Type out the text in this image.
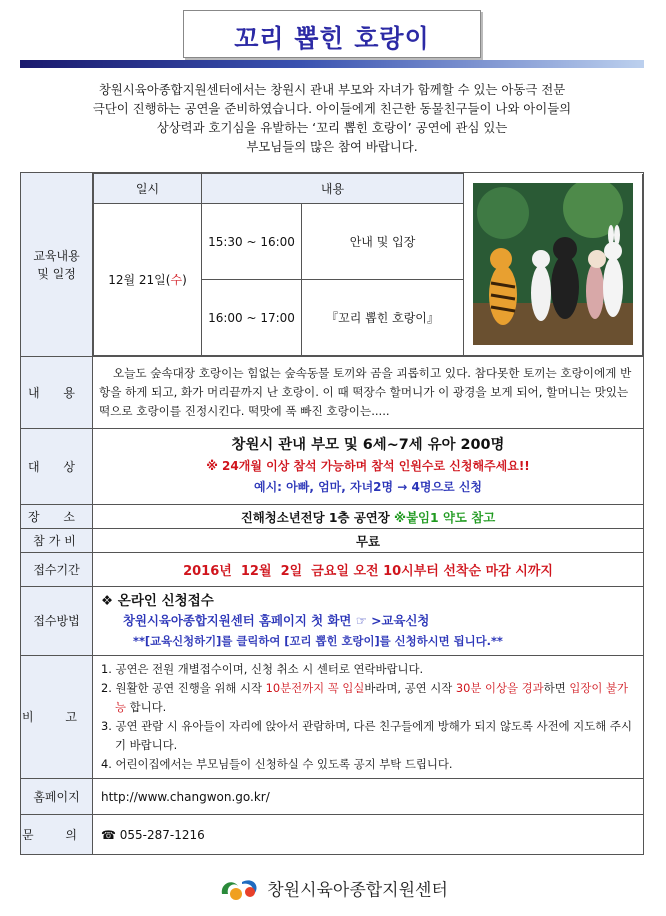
꼬리 뽑힌 호랑이
창원시육아종합지원센터에서는 창원시 관내 부모와 자녀가 함께할 수 있는 아동극 전문
극단이 진행하는 공연을 준비하였습니다. 아이들에게 친근한 동물친구들이 나와 아이들의
상상력과 호기심을 유발하는 ‘꼬리 뽑힌 호랑이’ 공연에 관심 있는
부모님들의 많은 참여 바랍니다.
교육내용
및 일정

일시	내용	

12월 21일(수)	15:30 ~ 16:00	안내 및 입장
16:00 ~ 17:00	『꼬리 뽑힌 호랑이』

내 용	오늘도 숲속대장 호랑이는 힘없는 숲속동물 토끼와 곰을 괴롭히고 있다. 참다못한 토끼는 호랑이에게 반항을 하게 되고, 화가 머리끝까지 난 호랑이. 이 때 떡장수 할머니가 이 광경을 보게 되어, 할머니는 맛있는 떡으로 호랑이를 진정시킨다. 떡맛에 푹 빠진 호랑이는.....
대 상	
창원시 관내 부모 및 6세~7세 유아 200명
※ 24개월 이상 참석 가능하며 참석 인원수로 신청해주세요!!
예시: 아빠, 엄마, 자녀2명 → 4명으로 신청

장 소	진해청소년전당 1층 공연장 ※붙임1 약도 참고
참가비	무료
접수기간	2016년  12월  2일  금요일 오전 10시부터 선착순 마감 시까지
접수방법	
❖ 온라인 신청접수
창원시육아종합지원센터 홈페이지 첫 화면 ☞ >교육신청
**[교육신청하기]를 클릭하여 [꼬리 뽑힌 호랑이]를 신청하시면 됩니다.**

비 고	
1. 공연은 전원 개별접수이며, 신청 취소 시 센터로 연락바랍니다.
2. 원활한 공연 진행을 위해 시작 10분전까지 꼭 입실바라며, 공연 시작 30분 이상을 경과하면 입장이 불가능 합니다.
3. 공연 관람 시 유아들이 자리에 앉아서 관람하며, 다른 친구들에게 방해가 되지 않도록 사전에 지도해 주시 기 바랍니다.
4. 어린이집에서는 부모님들이 신청하실 수 있도록 공지 부탁 드립니다.

홈페이지	http://www.changwon.go.kr/
문 의	☎ 055-287-1216
창원시육아종합지원센터
